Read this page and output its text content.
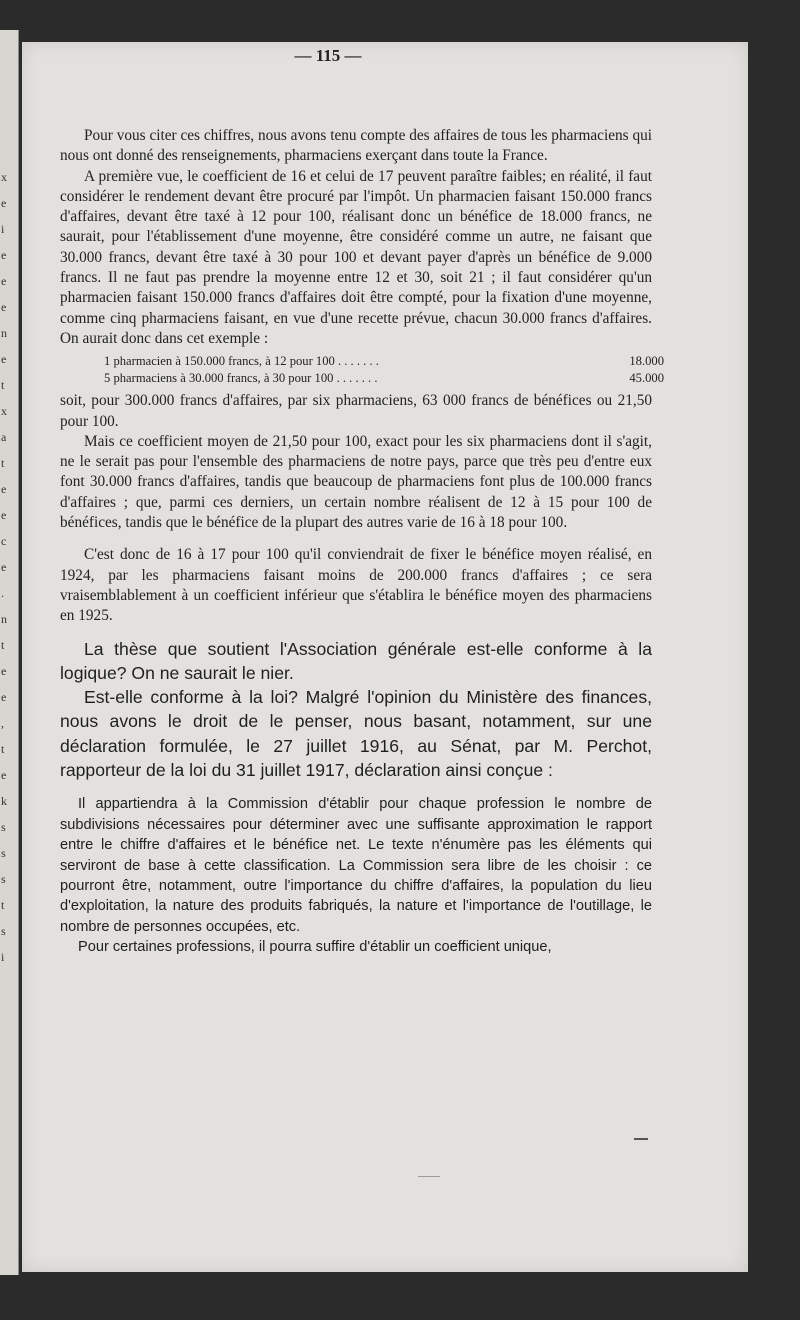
x
e
i
e
e
e
n
e
t
x
a
t
e
e
c
e
.
n
t
e
e
,
t
e
k
s
s
s
t
s
i
— 115 —

Pour vous citer ces chiffres, nous avons tenu compte des affaires de tous les pharmaciens qui nous ont donné des renseignements, pharmaciens exerçant dans toute la France.

A première vue, le coefficient de 16 et celui de 17 peuvent paraître faibles; en réalité, il faut considérer le rendement devant être procuré par l'impôt. Un pharmacien faisant 150.000 francs d'affaires, devant être taxé à 12 pour 100, réalisant donc un bénéfice de 18.000 francs, ne saurait, pour l'établissement d'une moyenne, être considéré comme un autre, ne faisant que 30.000 francs, devant être taxé à 30 pour 100 et devant payer d'après un bénéfice de 9.000 francs. Il ne faut pas prendre la moyenne entre 12 et 30, soit 21 ; il faut considérer qu'un pharmacien faisant 150.000 francs d'affaires doit être compté, pour la fixation d'une moyenne, comme cinq pharmaciens faisant, en vue d'une recette prévue, chacun 30.000 francs d'affaires. On aurait donc dans cet exemple :

1 pharmacien à 150.000 francs, à 12 pour 100 . . . . . . .	18.000
5 pharmaciens à 30.000 francs, à 30 pour 100 . . . . . . .	45.000

soit, pour 300.000 francs d'affaires, par six pharmaciens, 63 000 francs de bénéfices ou 21,50 pour 100.

Mais ce coefficient moyen de 21,50 pour 100, exact pour les six pharmaciens dont il s'agit, ne le serait pas pour l'ensemble des pharmaciens de notre pays, parce que très peu d'entre eux font 30.000 francs d'affaires, tandis que beaucoup de pharmaciens font plus de 100.000 francs d'affaires ; que, parmi ces derniers, un certain nombre réalisent de 12 à 15 pour 100 de bénéfices, tandis que le bénéfice de la plupart des autres varie de 16 à 18 pour 100.

C'est donc de 16 à 17 pour 100 qu'il conviendrait de fixer le bénéfice moyen réalisé, en 1924, par les pharmaciens faisant moins de 200.000 francs d'affaires ; ce sera vraisemblablement à un coefficient inférieur que s'établira le bénéfice moyen des pharmaciens en 1925.

La thèse que soutient l'Association générale est-elle conforme à la logique? On ne saurait le nier.

Est-elle conforme à la loi? Malgré l'opinion du Ministère des finances, nous avons le droit de le penser, nous basant, notamment, sur une déclaration formulée, le 27 juillet 1916, au Sénat, par M. Perchot, rapporteur de la loi du 31 juillet 1917, déclaration ainsi conçue :

Il appartiendra à la Commission d'établir pour chaque profession le nombre de subdivisions nécessaires pour déterminer avec une suffisante approximation le rapport entre le chiffre d'affaires et le bénéfice net. Le texte n'énumère pas les éléments qui serviront de base à cette classification. La Commission sera libre de les choisir : ce pourront être, notamment, outre l'importance du chiffre d'affaires, la population du lieu d'exploitation, la nature des produits fabriqués, la nature et l'importance de l'outillage, le nombre de personnes occupées, etc.

Pour certaines professions, il pourra suffire d'établir un coefficient unique,
